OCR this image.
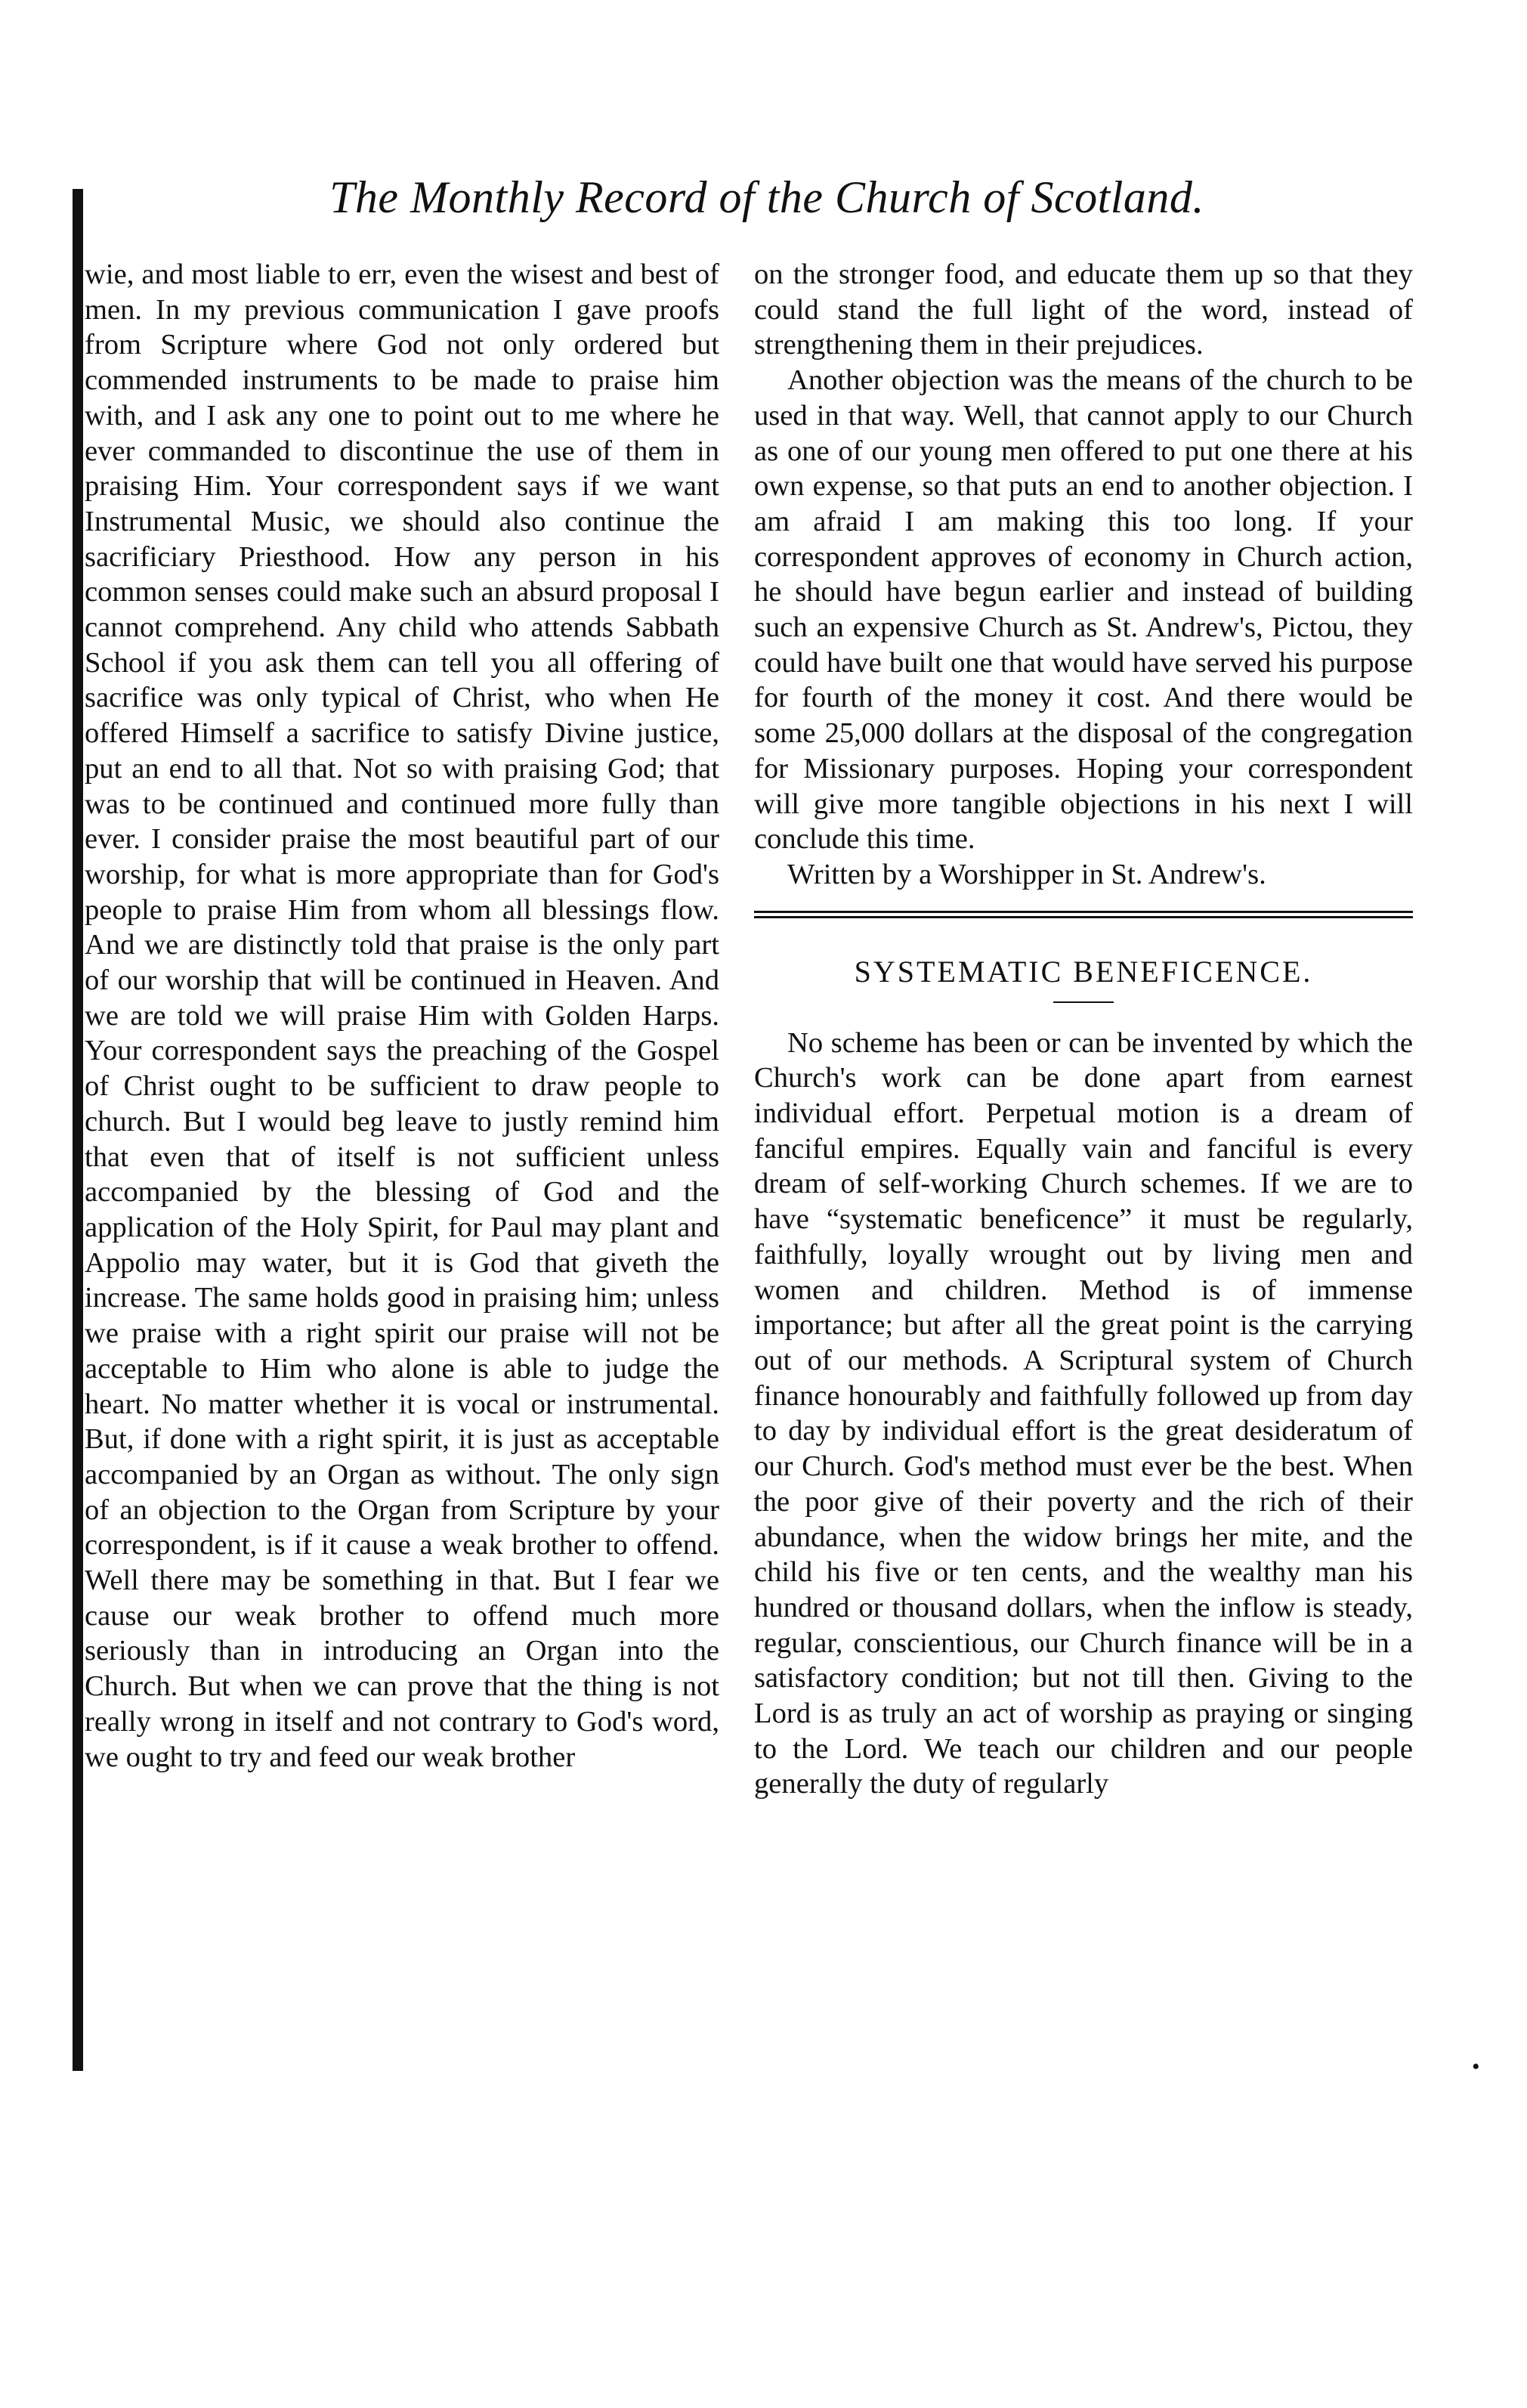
The Monthly Record of the Church of Scotland.

wie, and most liable to err, even the wisest and best of men. In my previous communication I gave proofs from Scripture where God not only ordered but commended instruments to be made to praise him with, and I ask any one to point out to me where he ever commanded to discontinue the use of them in praising Him. Your correspondent says if we want Instrumental Music, we should also continue the sacrificiary Priesthood. How any person in his common senses could make such an absurd proposal I cannot comprehend. Any child who attends Sabbath School if you ask them can tell you all offering of sacrifice was only typical of Christ, who when He offered Himself a sacrifice to satisfy Divine justice, put an end to all that. Not so with praising God; that was to be continued and continued more fully than ever. I consider praise the most beautiful part of our worship, for what is more appropriate than for God's people to praise Him from whom all blessings flow. And we are distinctly told that praise is the only part of our worship that will be continued in Heaven. And we are told we will praise Him with Golden Harps. Your correspondent says the preaching of the Gospel of Christ ought to be sufficient to draw people to church. But I would beg leave to justly remind him that even that of itself is not sufficient unless accompanied by the blessing of God and the application of the Holy Spirit, for Paul may plant and Appolio may water, but it is God that giveth the increase. The same holds good in praising him; unless we praise with a right spirit our praise will not be acceptable to Him who alone is able to judge the heart. No matter whether it is vocal or instrumental. But, if done with a right spirit, it is just as acceptable accompanied by an Organ as without. The only sign of an objection to the Organ from Scripture by your correspondent, is if it cause a weak brother to offend. Well there may be something in that. But I fear we cause our weak brother to offend much more seriously than in introducing an Organ into the Church. But when we can prove that the thing is not really wrong in itself and not contrary to God's word, we ought to try and feed our weak brother

on the stronger food, and educate them up so that they could stand the full light of the word, instead of strengthening them in their prejudices.

Another objection was the means of the church to be used in that way. Well, that cannot apply to our Church as one of our young men offered to put one there at his own expense, so that puts an end to another objection. I am afraid I am making this too long. If your correspondent approves of economy in Church action, he should have begun earlier and instead of building such an expensive Church as St. Andrew's, Pictou, they could have built one that would have served his purpose for fourth of the money it cost. And there would be some 25,000 dollars at the disposal of the congregation for Missionary purposes. Hoping your correspondent will give more tangible objections in his next I will conclude this time.

Written by a Worshipper in St. Andrew's.

SYSTEMATIC BENEFICENCE.

No scheme has been or can be invented by which the Church's work can be done apart from earnest individual effort. Perpetual motion is a dream of fanciful empires. Equally vain and fanciful is every dream of self-working Church schemes. If we are to have “systematic beneficence” it must be regularly, faithfully, loyally wrought out by living men and women and children. Method is of immense importance; but after all the great point is the carrying out of our methods. A Scriptural system of Church finance honourably and faithfully followed up from day to day by individual effort is the great desideratum of our Church. God's method must ever be the best. When the poor give of their poverty and the rich of their abundance, when the widow brings her mite, and the child his five or ten cents, and the wealthy man his hundred or thousand dollars, when the inflow is steady, regular, conscientious, our Church finance will be in a satisfactory condition; but not till then. Giving to the Lord is as truly an act of worship as praying or singing to the Lord. We teach our children and our people generally the duty of regularly

•
